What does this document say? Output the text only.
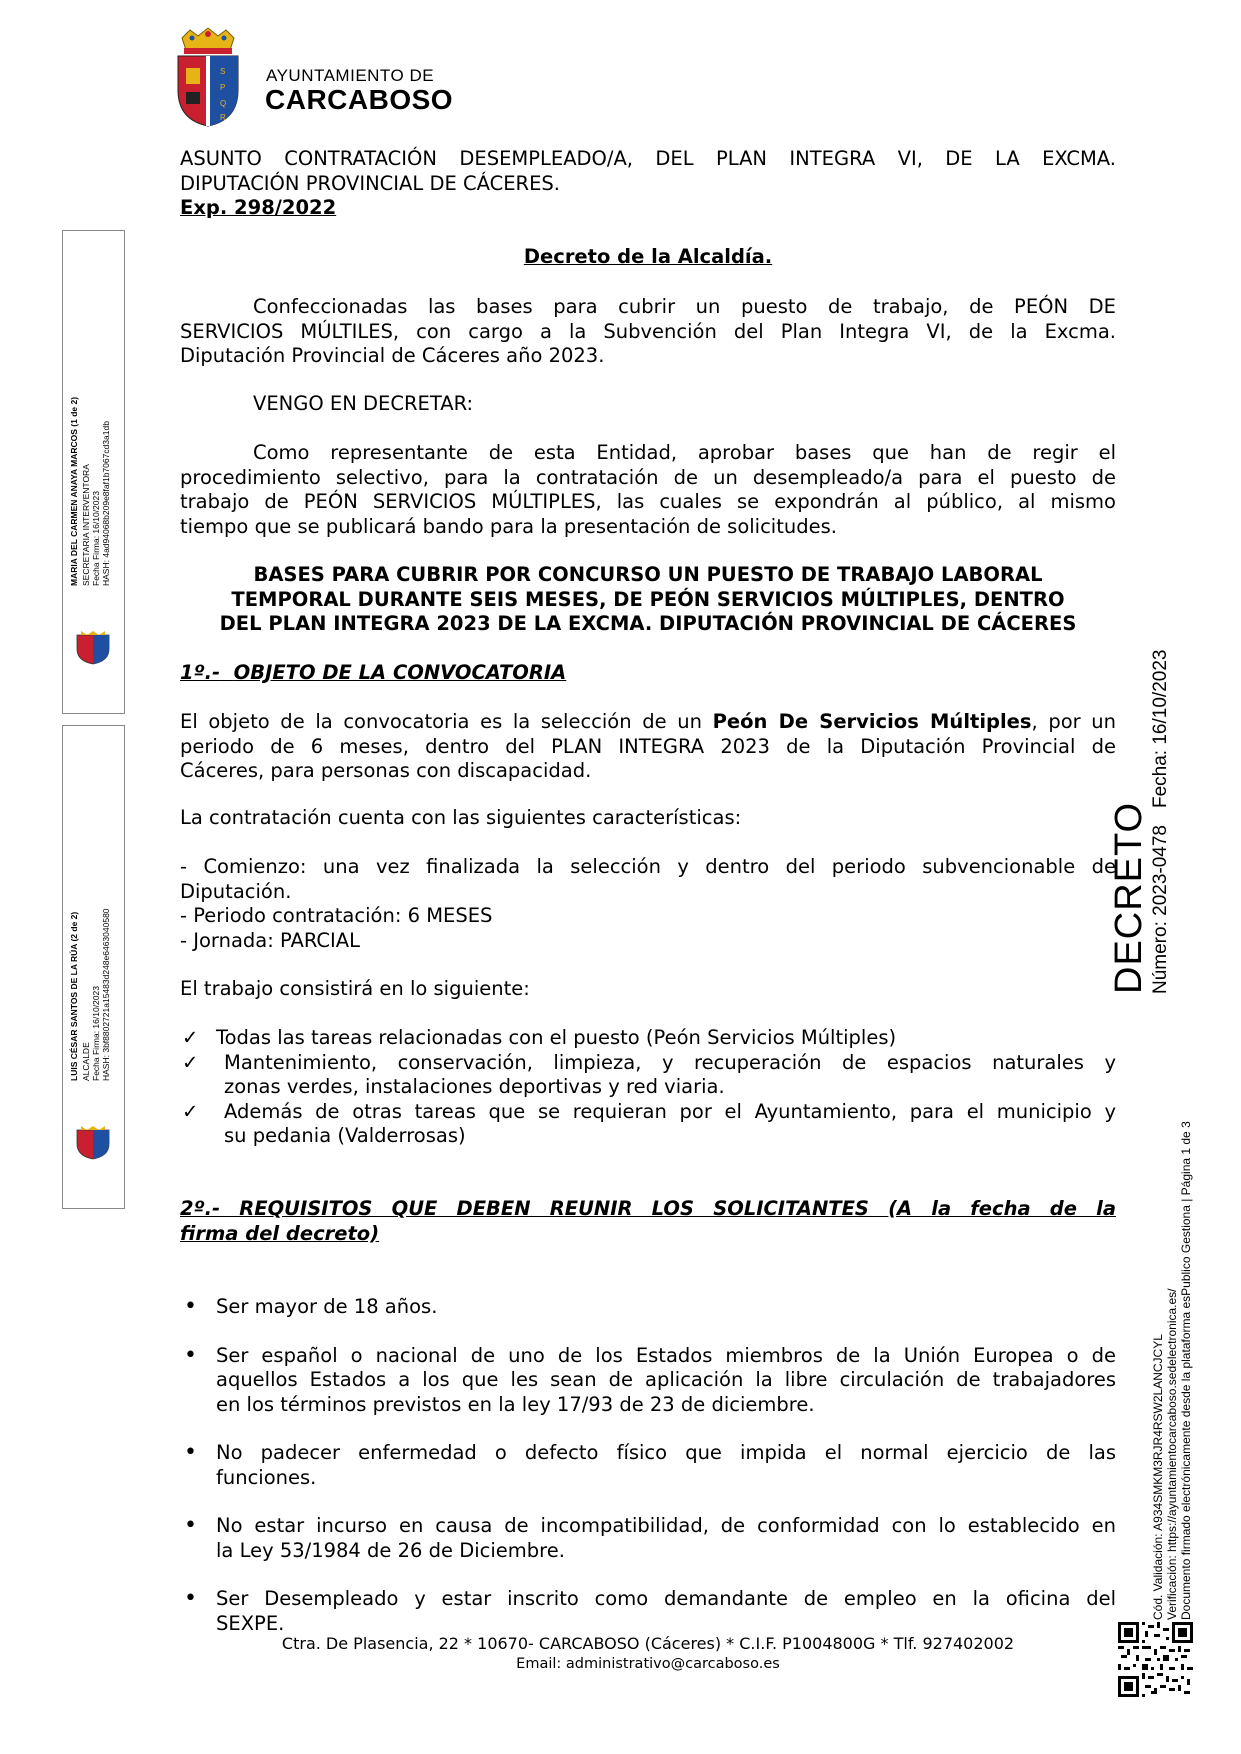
S
P
Q
R
AYUNTAMIENTO DE
CARCABOSO
ASUNTO CONTRATACIÓN DESEMPLEADO/A, DEL PLAN INTEGRA VI, DE LA EXCMA.
DIPUTACIÓN PROVINCIAL DE CÁCERES.
Exp. 298/2022
Decreto de la Alcaldía.
Confeccionadas las bases para cubrir un puesto de trabajo, de PEÓN DE
SERVICIOS MÚLTILES, con cargo a la Subvención del Plan Integra VI, de la Excma.
Diputación Provincial de Cáceres año 2023.
VENGO EN DECRETAR:
Como representante de esta Entidad, aprobar bases que han de regir el
procedimiento selectivo, para la contratación de un desempleado/a para el puesto de
trabajo de PEÓN SERVICIOS MÚLTIPLES, las cuales se expondrán al público, al mismo
tiempo que se publicará bando para la presentación de solicitudes.
BASES PARA CUBRIR POR CONCURSO UN PUESTO DE TRABAJO LABORAL
TEMPORAL DURANTE SEIS MESES, DE PEÓN SERVICIOS MÚLTIPLES, DENTRO
DEL PLAN INTEGRA 2023 DE LA EXCMA. DIPUTACIÓN PROVINCIAL DE CÁCERES
1º.- OBJETO DE LA CONVOCATORIA
El objeto de la convocatoria es la selección de un Peón De Servicios Múltiples, por un
periodo de 6 meses, dentro del PLAN INTEGRA 2023 de la Diputación Provincial de
Cáceres, para personas con discapacidad.
La contratación cuenta con las siguientes características:
- Comienzo: una vez finalizada la selección y dentro del periodo subvencionable de
Diputación.
- Periodo contratación: 6 MESES
- Jornada: PARCIAL
El trabajo consistirá en lo siguiente:
✓ Todas las tareas relacionadas con el puesto (Peón Servicios Múltiples)
✓ Mantenimiento, conservación, limpieza, y recuperación de espacios naturales y
zonas verdes, instalaciones deportivas y red viaria.
✓ Además de otras tareas que se requieran por el Ayuntamiento, para el municipio y
su pedania (Valderrosas)
2º.- REQUISITOS QUE DEBEN REUNIR LOS SOLICITANTES (A la fecha de la
firma del decreto)
• Ser mayor de 18 años.
• Ser español o nacional de uno de los Estados miembros de la Unión Europea o de
aquellos Estados a los que les sean de aplicación la libre circulación de trabajadores
en los términos previstos en la ley 17/93 de 23 de diciembre.
• No padecer enfermedad o defecto físico que impida el normal ejercicio de las
funciones.
• No estar incurso en causa de incompatibilidad, de conformidad con lo establecido en
la Ley 53/1984 de 26 de Diciembre.
• Ser Desempleado y estar inscrito como demandante de empleo en la oficina del
SEXPE.
Ctra. De Plasencia, 22 * 10670- CARCABOSO (Cáceres) * C.I.F. P1004800G * Tlf. 927402002
Email: administrativo@carcaboso.es
MARIA DEL CARMEN ANAYA MARCOS (1 de 2) SECRETARIA INTERVENTORA Fecha Firma: 16/10/2023 HASH: 4ad94068b209e8faf1b7067cd3a1db
LUIS CÉSAR SANTOS DE LA RÚA (2 de 2) ALCALDE Fecha Firma: 16/10/2023 HASH: 3bf8802721a15483d248e6463040580
DECRETO Número: 2023-0478
Fecha: 16/10/2023
Cód. Validación: A934SMKM3RJR4RSW2LANCJCYL Verificación: https://ayuntamientocarcaboso.sedelectronica.es/ Documento firmado electrónicamente desde la plataforma esPublico Gestiona | Página 1 de 3
